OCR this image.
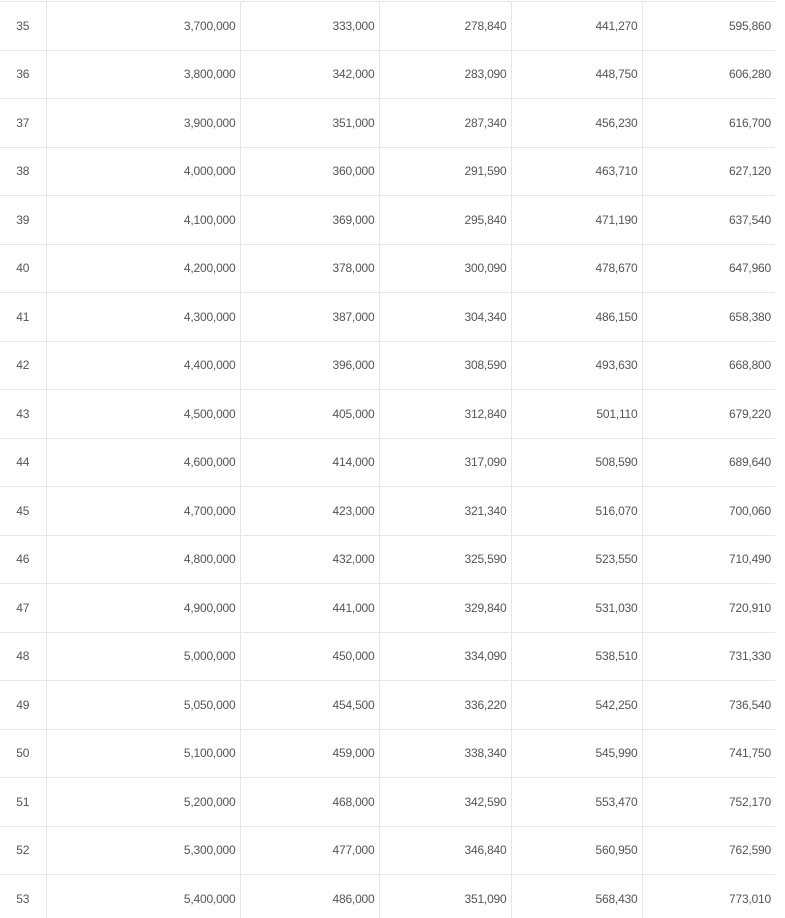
35	3,700,000	333,000	278,840	441,270	595,860
36	3,800,000	342,000	283,090	448,750	606,280
37	3,900,000	351,000	287,340	456,230	616,700
38	4,000,000	360,000	291,590	463,710	627,120
39	4,100,000	369,000	295,840	471,190	637,540
40	4,200,000	378,000	300,090	478,670	647,960
41	4,300,000	387,000	304,340	486,150	658,380
42	4,400,000	396,000	308,590	493,630	668,800
43	4,500,000	405,000	312,840	501,110	679,220
44	4,600,000	414,000	317,090	508,590	689,640
45	4,700,000	423,000	321,340	516,070	700,060
46	4,800,000	432,000	325,590	523,550	710,490
47	4,900,000	441,000	329,840	531,030	720,910
48	5,000,000	450,000	334,090	538,510	731,330
49	5,050,000	454,500	336,220	542,250	736,540
50	5,100,000	459,000	338,340	545,990	741,750
51	5,200,000	468,000	342,590	553,470	752,170
52	5,300,000	477,000	346,840	560,950	762,590
53	5,400,000	486,000	351,090	568,430	773,010
